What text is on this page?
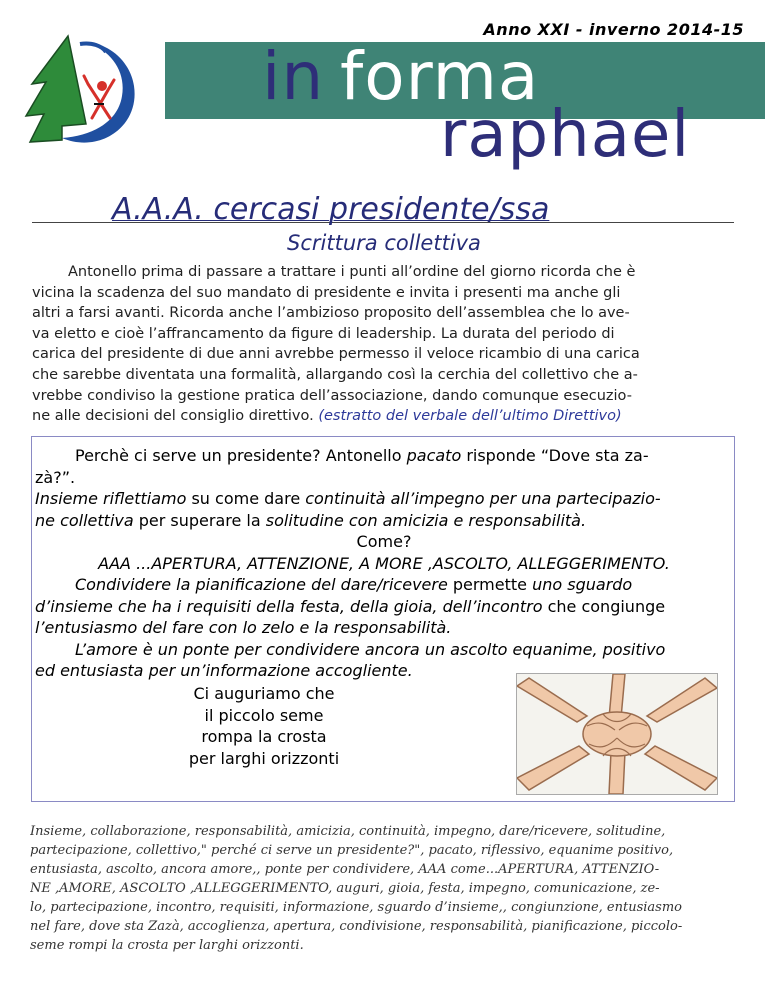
Anno XXI - inverno 2014-15
in forma
raphael
A.A.A. cercasi presidente/ssa
Scrittura collettiva
Antonello prima di passare a trattare i punti all’ordine del giorno ricorda che è
vicina la scadenza del suo mandato di presidente e invita i presenti ma anche gli
altri a farsi avanti. Ricorda anche l’ambizioso proposito dell’assemblea che lo ave-
va eletto e cioè l’affrancamento da figure di leadership. La durata del periodo di
carica del presidente di due anni avrebbe permesso il veloce ricambio di una carica
che sarebbe diventata una formalità, allargando così la cerchia del collettivo che a-
vrebbe condiviso la gestione pratica dell’associazione, dando comunque esecuzio-
ne alle decisioni del consiglio direttivo. (estratto del verbale dell’ultimo Direttivo)
Perchè ci serve un presidente? Antonello pacato risponde “Dove sta za-
zà?”.
Insieme riflettiamo su come dare continuità all’impegno per una partecipazio-
ne collettiva per superare la solitudine con amicizia e responsabilità.
Come?
AAA ...APERTURA, ATTENZIONE, A MORE ,ASCOLTO, ALLEGGERIMENTO.
Condividere la pianificazione del dare/ricevere permette uno sguardo
d’insieme che ha i requisiti della festa, della gioia, dell’incontro che congiunge
l’entusiasmo del fare con lo zelo e la responsabilità.
L’amore è un ponte per condividere ancora un ascolto equanime, positivo
ed entusiasta per un’informazione accogliente.
Ci auguriamo che
il piccolo seme
rompa la crosta
per larghi orizzonti
Insieme, collaborazione, responsabilità, amicizia, continuità, impegno, dare/ricevere, solitudine,
partecipazione, collettivo," perché ci serve un presidente?", pacato, riflessivo, equanime positivo,
entusiasta, ascolto, ancora amore,, ponte per condividere, AAA come...APERTURA, ATTENZIO-
NE ,AMORE, ASCOLTO ,ALLEGGERIMENTO, auguri, gioia, festa, impegno, comunicazione, ze-
lo, partecipazione, incontro, requisiti, informazione, sguardo d’insieme,, congiunzione, entusiasmo
nel fare, dove sta Zazà, accoglienza, apertura, condivisione, responsabilità, pianificazione, piccolo-
seme rompi la crosta per larghi orizzonti.
